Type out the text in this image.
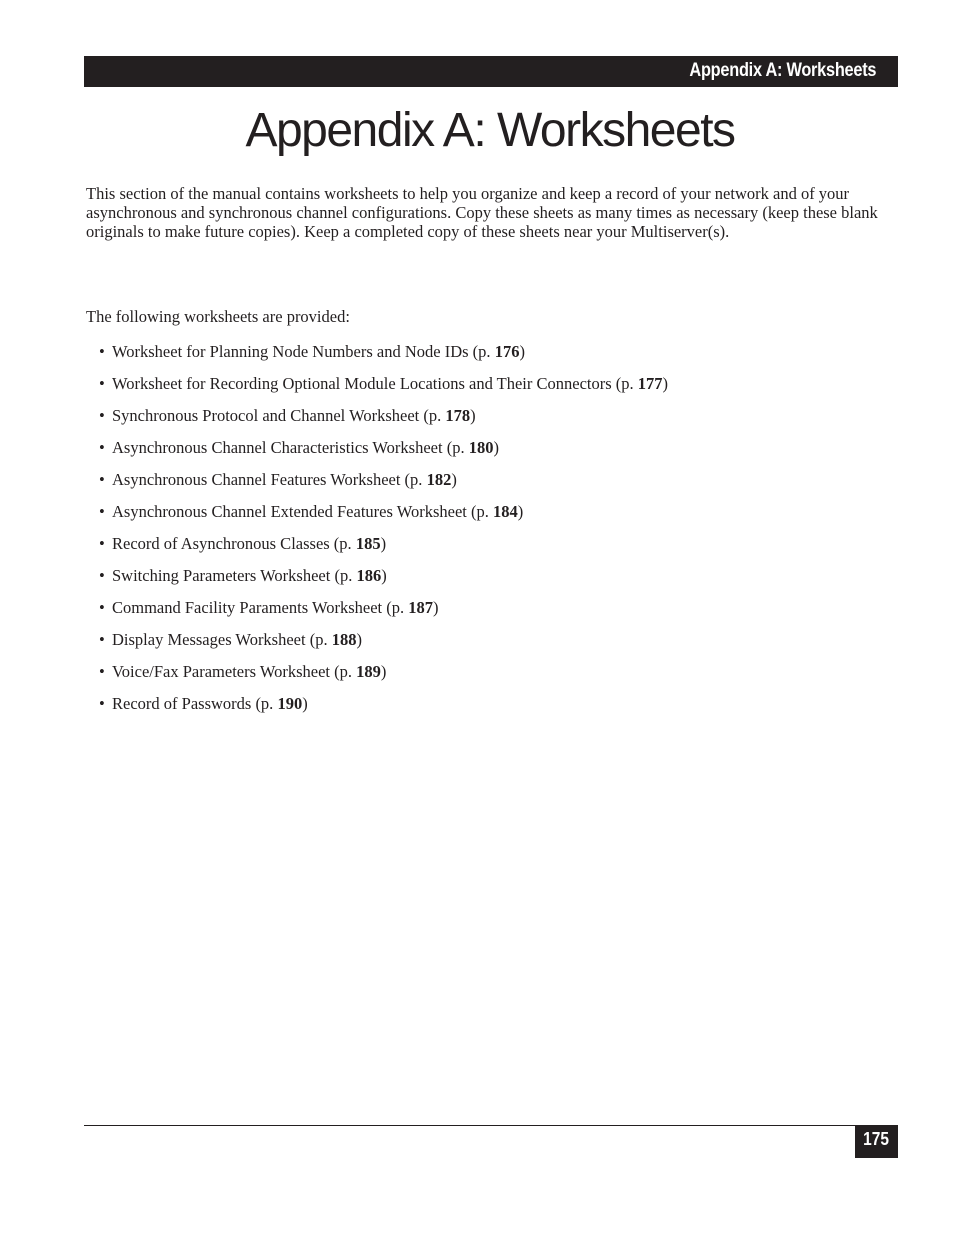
Appendix A: Worksheets
Appendix A: Worksheets

This section of the manual contains worksheets to help you organize and keep a record of your network and of your asynchronous and synchronous channel configurations. Copy these sheets as many times as necessary (keep these blank originals to make future copies). Keep a completed copy of these sheets near your Multiserver(s).

The following worksheets are provided:

• Worksheet for Planning Node Numbers and Node IDs (p. 176)
• Worksheet for Recording Optional Module Locations and Their Connectors (p. 177)
• Synchronous Protocol and Channel Worksheet (p. 178)
• Asynchronous Channel Characteristics Worksheet (p. 180)
• Asynchronous Channel Features Worksheet (p. 182)
• Asynchronous Channel Extended Features Worksheet (p. 184)
• Record of Asynchronous Classes (p. 185)
• Switching Parameters Worksheet (p. 186)
• Command Facility Paraments Worksheet (p. 187)
• Display Messages Worksheet (p. 188)
• Voice/Fax Parameters Worksheet (p. 189)
• Record of Passwords (p. 190)
175
